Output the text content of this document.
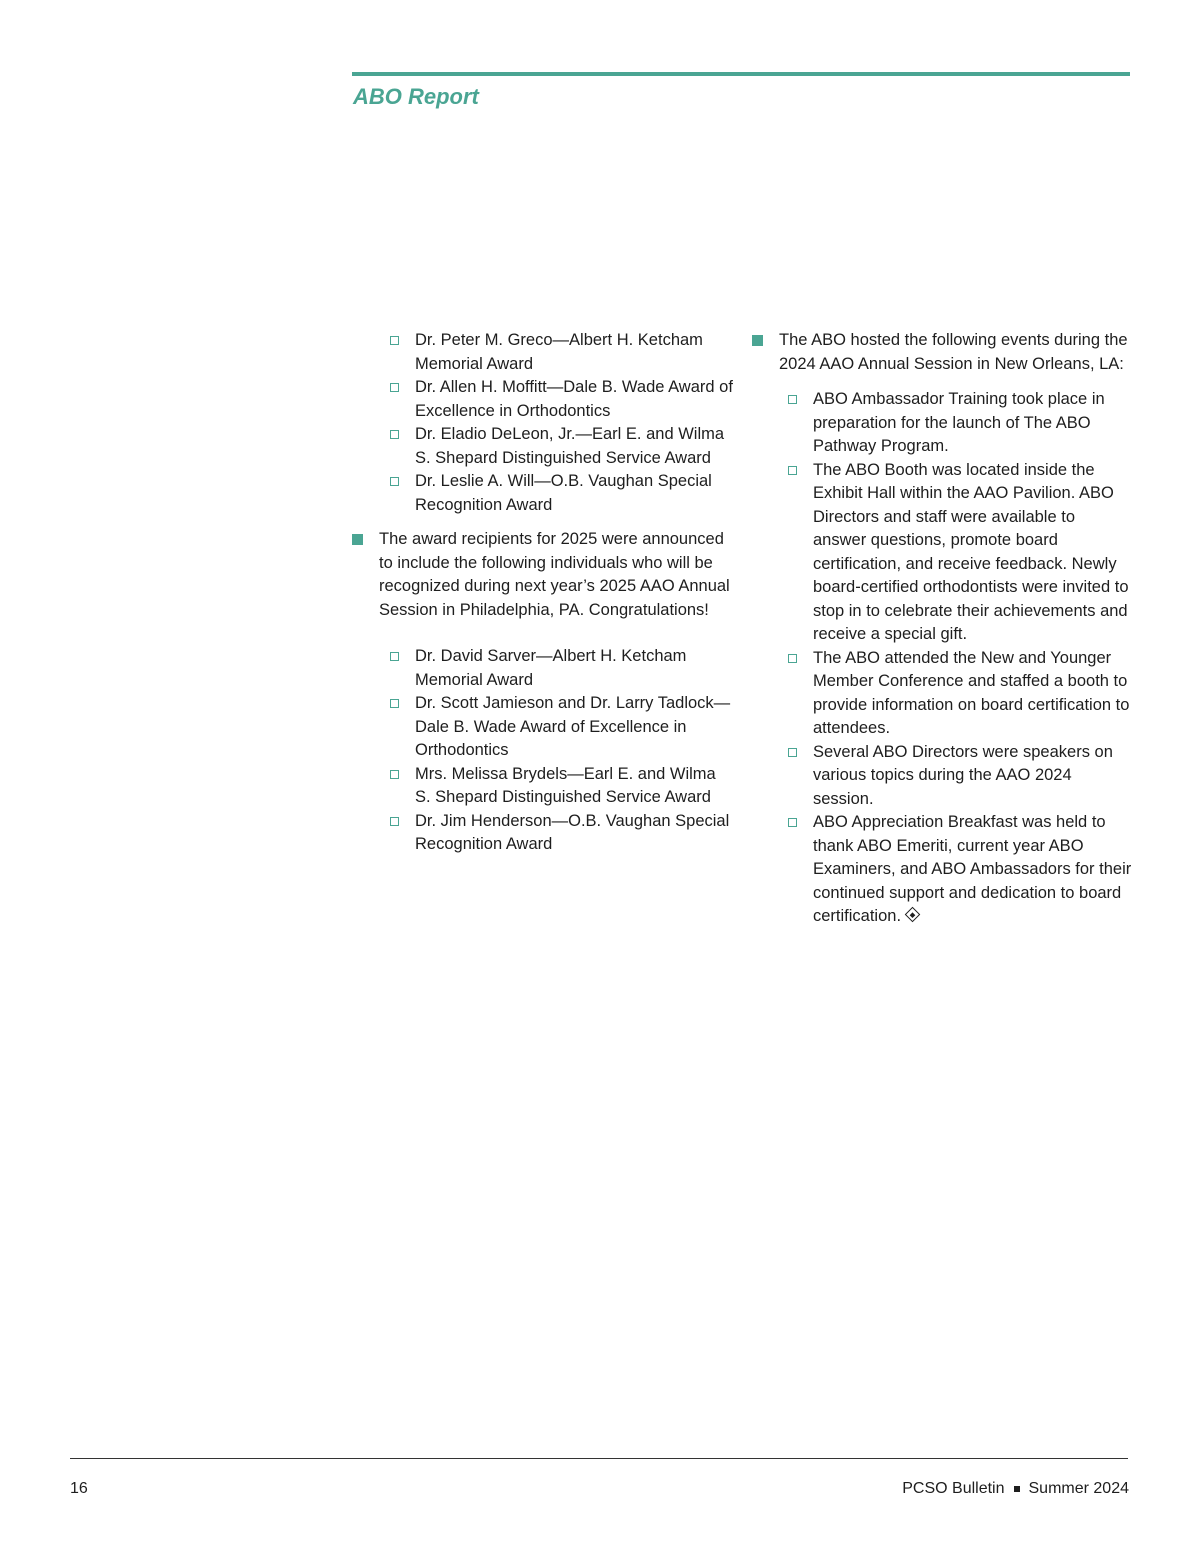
ABO Report
Dr. Peter M. Greco—Albert H. Ketcham Memorial Award
Dr. Allen H. Moffitt—Dale B. Wade Award of Excellence in Orthodontics
Dr. Eladio DeLeon, Jr.—Earl E. and Wilma S. Shepard Distinguished Service Award
Dr. Leslie A. Will—O.B. Vaughan Special Recognition Award

The award recipients for 2025 were announced to include the following individuals who will be recognized during next year’s 2025 AAO Annual Session in Philadelphia, PA. Congratulations!

Dr. David Sarver—Albert H. Ketcham Memorial Award
Dr. Scott Jamieson and Dr. Larry Tadlock—Dale B. Wade Award of Excellence in Orthodontics
Mrs. Melissa Brydels—Earl E. and Wilma S. Shepard Distinguished Service Award
Dr. Jim Henderson—O.B. Vaughan Special Recognition Award

The ABO hosted the following events during the 2024 AAO Annual Session in New Orleans, LA:

ABO Ambassador Training took place in preparation for the launch of The ABO Pathway Program.
The ABO Booth was located inside the Exhibit Hall within the AAO Pavilion. ABO Directors and staff were available to answer questions, promote board certification, and receive feedback. Newly board-certified orthodontists were invited to stop in to celebrate their achievements and receive a special gift.
The ABO attended the New and Younger Member Conference and staffed a booth to provide information on board certification to attendees.
Several ABO Directors were speakers on various topics during the AAO 2024 session.
ABO Appreciation Breakfast was held to thank ABO Emeriti, current year ABO Examiners, and ABO Ambassadors for their continued support and dedication to board certification.
16	PCSO Bulletin Summer 2024
